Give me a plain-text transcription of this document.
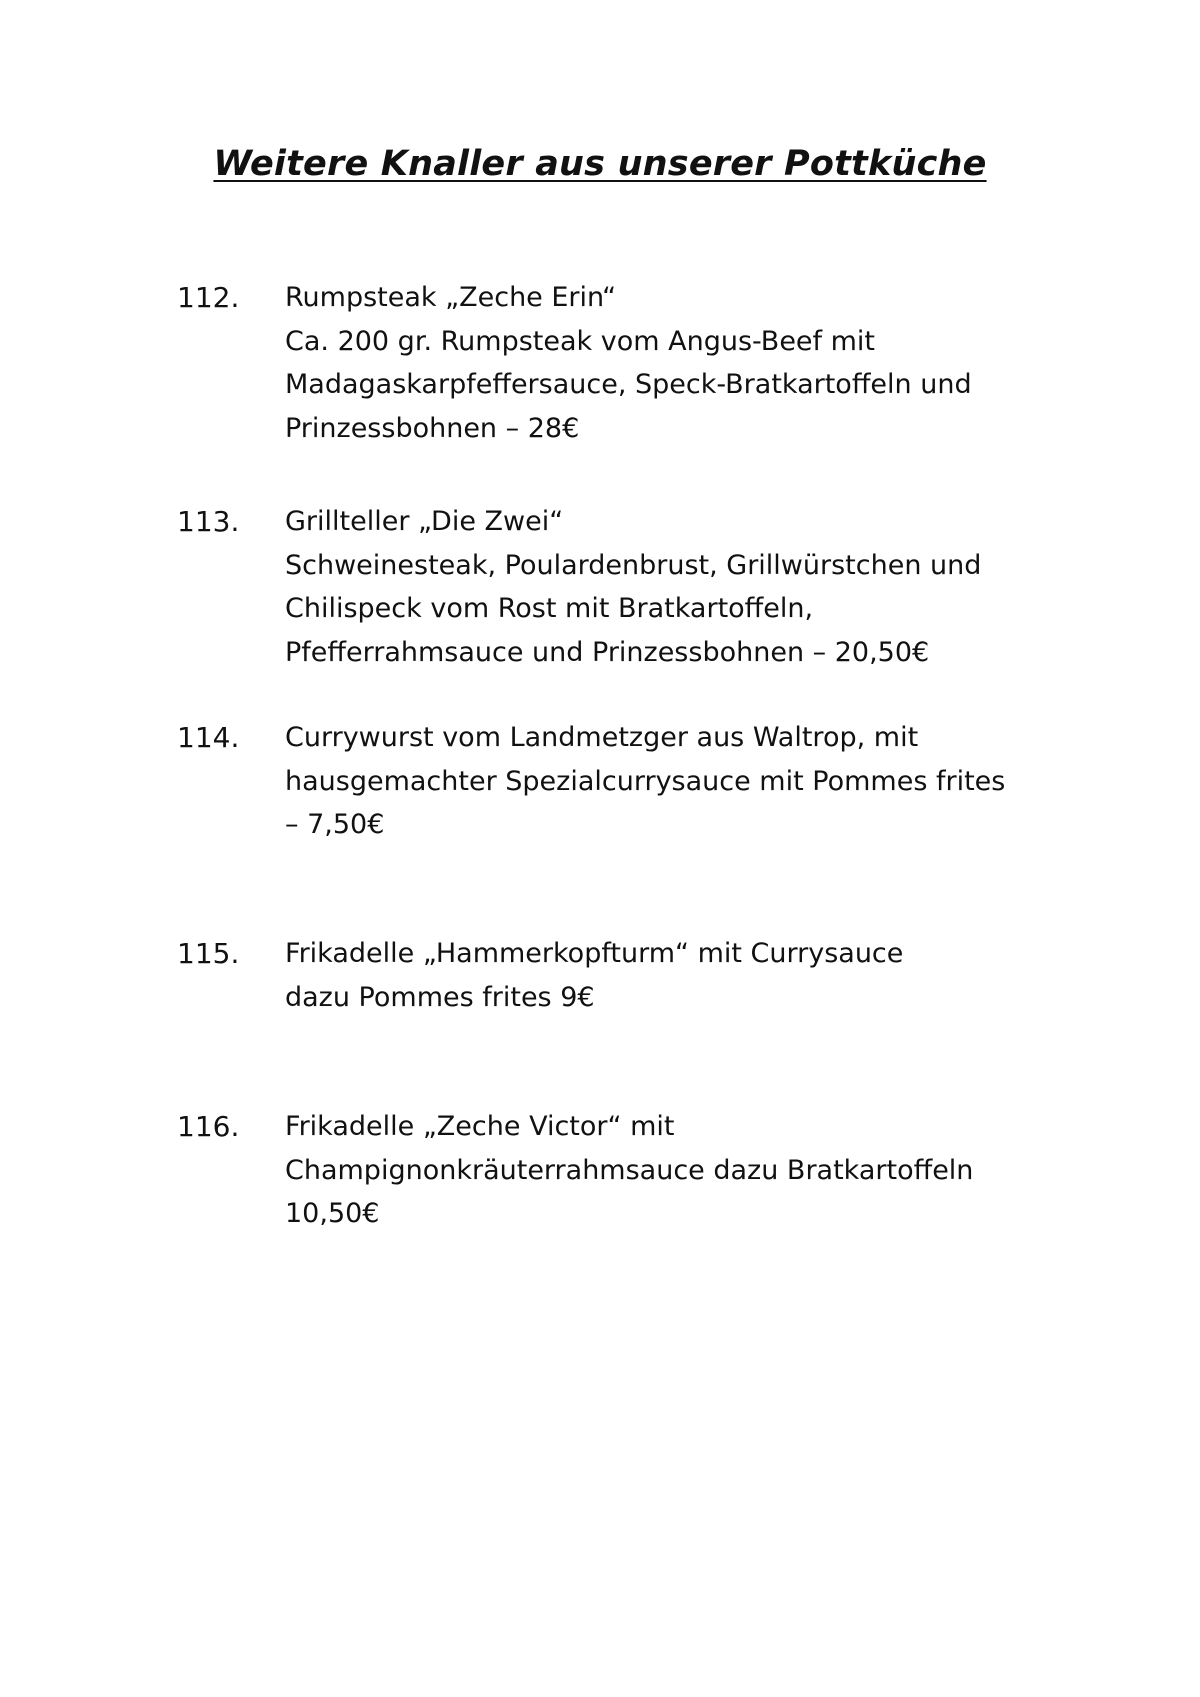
Weitere Knaller aus unserer Pottküche
112. Rumpsteak „Zeche Erin“
Ca. 200 gr. Rumpsteak vom Angus-Beef mit
Madagaskarpfeffersauce, Speck-Bratkartoffeln und
Prinzessbohnen – 28€
113. Grillteller „Die Zwei“
Schweinesteak, Poulardenbrust, Grillwürstchen und
Chilispeck vom Rost mit Bratkartoffeln,
Pfefferrahmsauce und Prinzessbohnen – 20,50€
114. Currywurst vom Landmetzger aus Waltrop, mit
hausgemachter Spezialcurrysauce mit Pommes frites
– 7,50€
115. Frikadelle „Hammerkopfturm“ mit Currysauce
dazu Pommes frites 9€
116. Frikadelle „Zeche Victor“ mit
Champignonkräuterrahmsauce dazu Bratkartoffeln
10,50€
